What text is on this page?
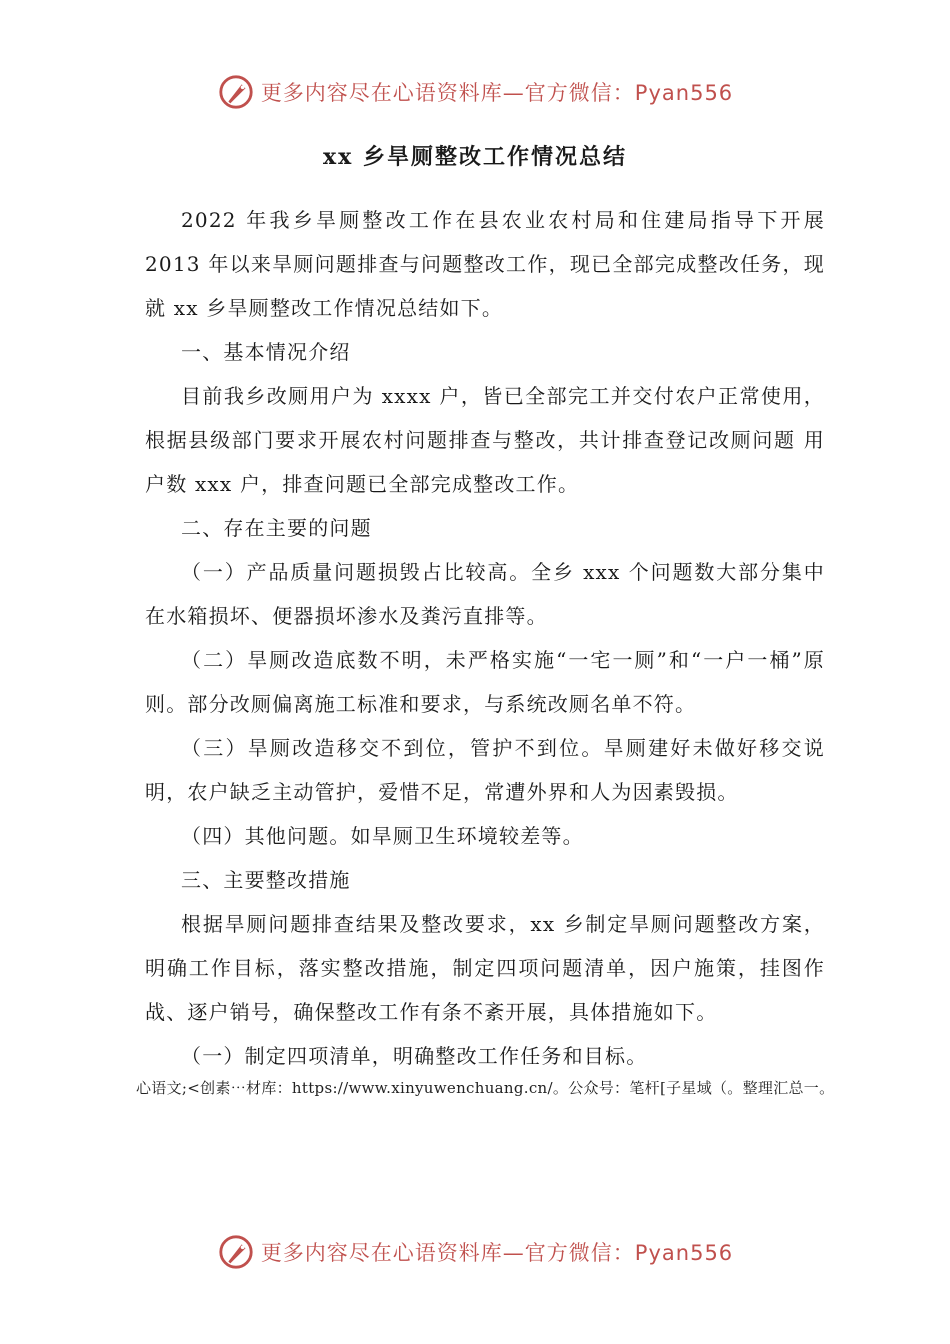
更多内容尽在心语资料库—官方微信：Pyan556
xx 乡旱厕整改工作情况总结

2022 年我乡旱厕整改工作在县农业农村局和住建局指导下开展 2013 年以来旱厕问题排查与问题整改工作，现已全部完成整改任务，现就 xx 乡旱厕整改工作情况总结如下。

一、基本情况介绍

目前我乡改厕用户为 xxxx 户，皆已全部完工并交付农户正常使用，根据县级部门要求开展农村问题排查与整改，共计排查登记改厕问题 用户数 xxx 户，排查问题已全部完成整改工作。

二、存在主要的问题

（一）产品质量问题损毁占比较高。全乡 xxx 个问题数大部分集中在水箱损坏、便器损坏渗水及粪污直排等。

（二）旱厕改造底数不明，未严格实施“一宅一厕”和“一户一桶”原则。部分改厕偏离施工标准和要求，与系统改厕名单不符。

（三）旱厕改造移交不到位，管护不到位。旱厕建好未做好移交说明，农户缺乏主动管护，爱惜不足，常遭外界和人为因素毁损。

（四）其他问题。如旱厕卫生环境较差等。

三、主要整改措施

根据旱厕问题排查结果及整改要求，xx 乡制定旱厕问题整改方案，明确工作目标，落实整改措施，制定四项问题清单，因户施策，挂图作战、逐户销号，确保整改工作有条不紊开展，具体措施如下。

（一）制定四项清单，明确整改工作任务和目标。

心语文;<创素⋯材库：https://www.xinyuwenchuang.cn/。公众号：笔杆[子星域（。整理汇总一。
更多内容尽在心语资料库—官方微信：Pyan556
